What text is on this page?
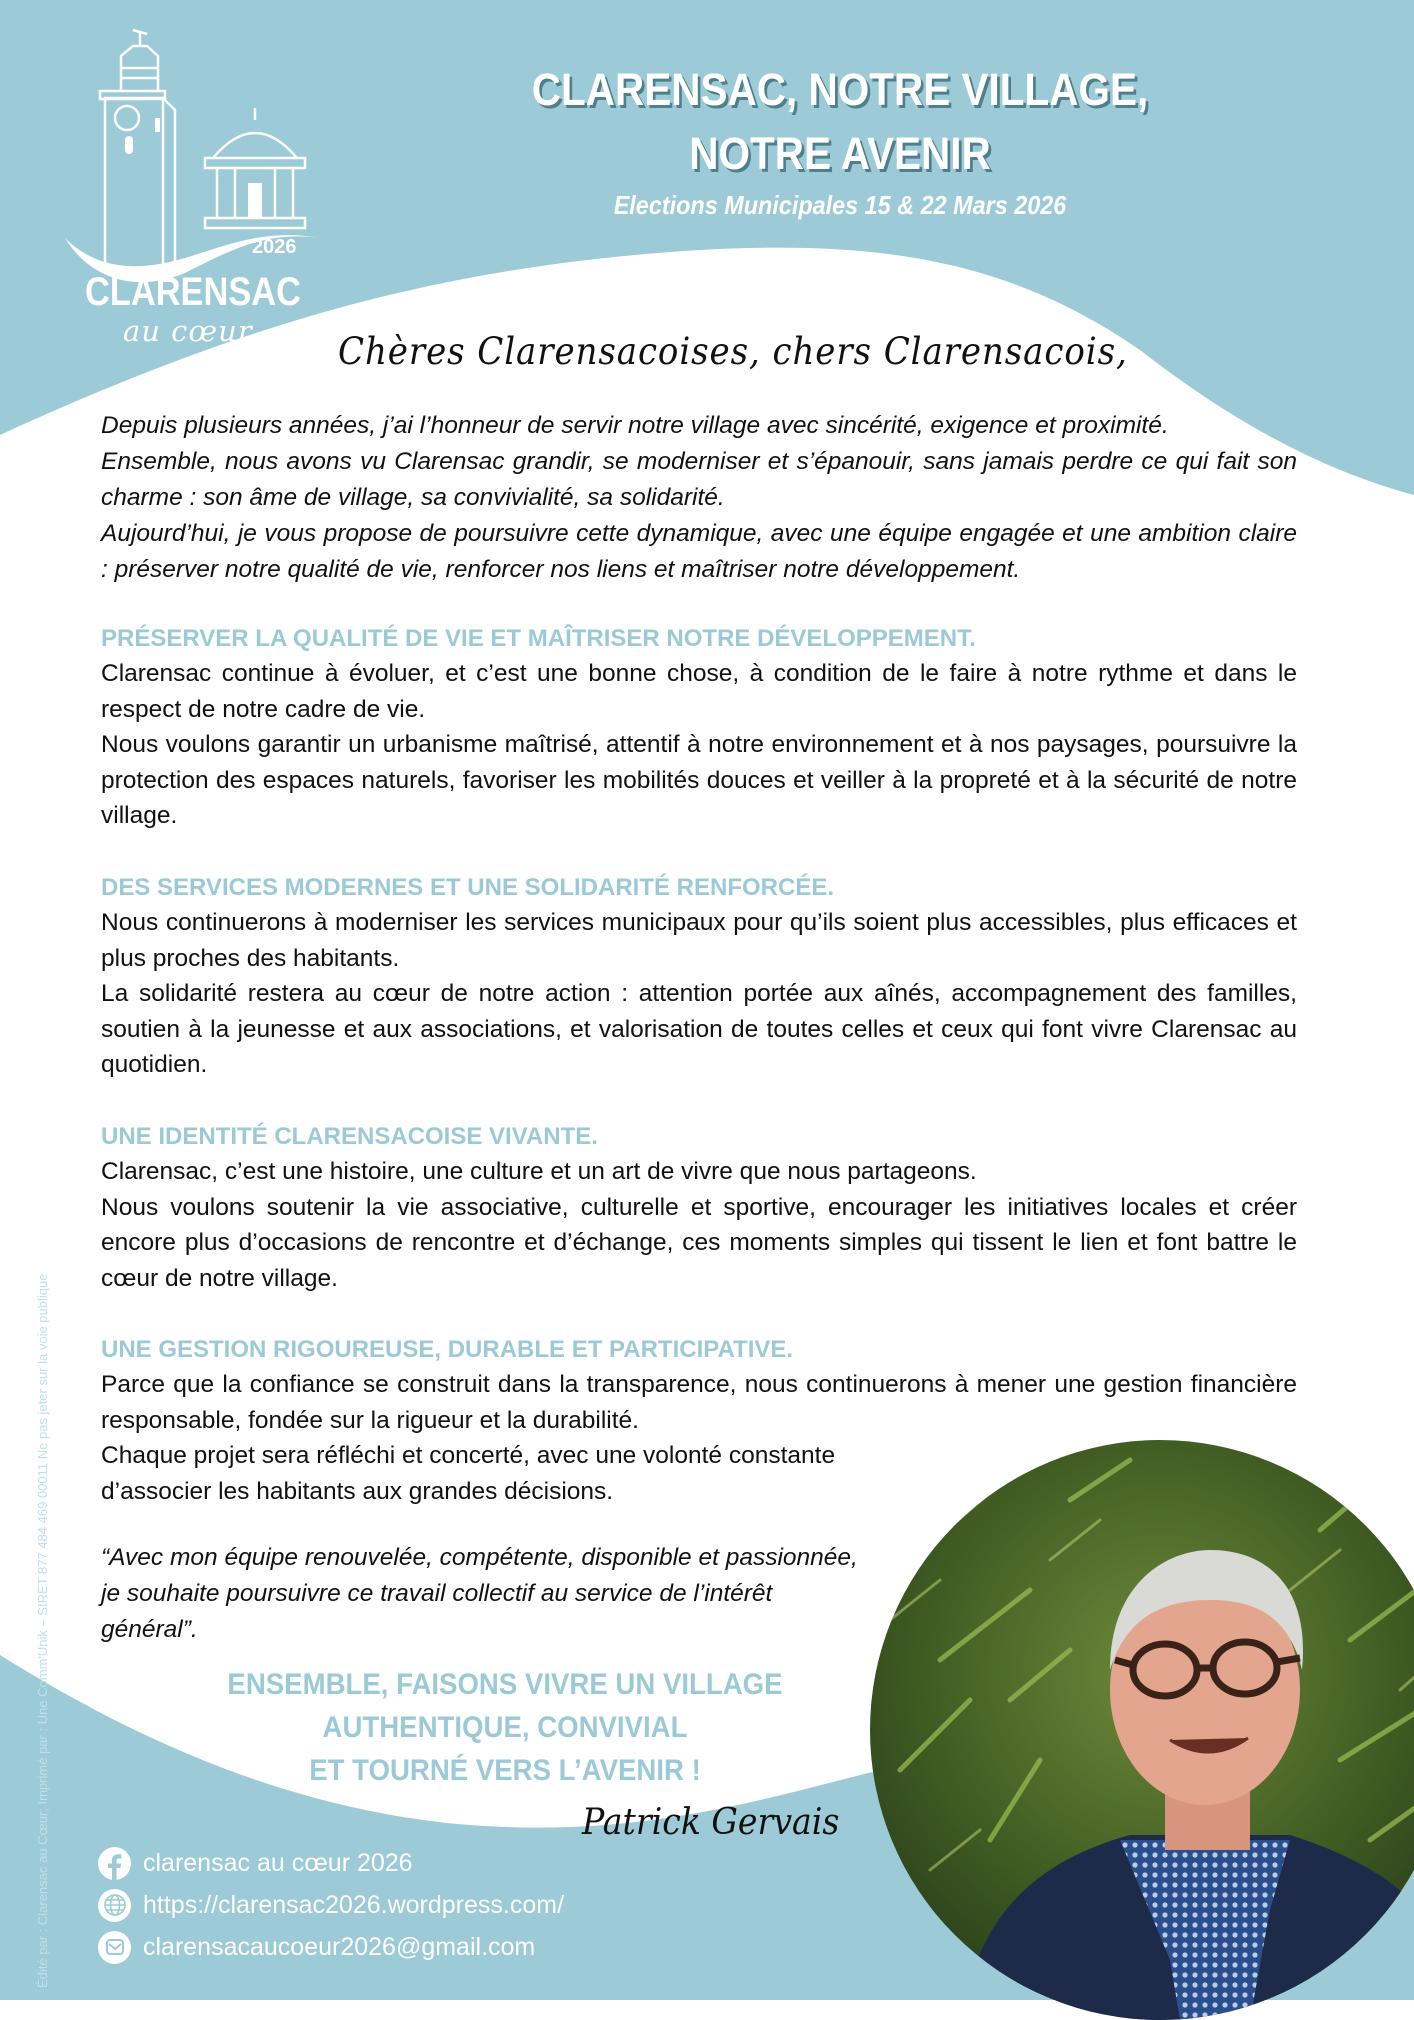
2026
CLARENSAC
au cœur
CLARENSAC, NOTRE VILLAGE,
NOTRE AVENIR
Elections Municipales 15 & 22 Mars 2026
Chères Clarensacoises, chers Clarensacois,

Depuis plusieurs années, j’ai l’honneur de servir notre village avec sincérité, exigence et proximité.

Ensemble, nous avons vu Clarensac grandir, se moderniser et s’épanouir, sans jamais perdre ce qui fait son charme : son âme de village, sa convivialité, sa solidarité.

Aujourd’hui, je vous propose de poursuivre cette dynamique, avec une équipe engagée et une ambition claire : préserver notre qualité de vie, renforcer nos liens et maîtriser notre développement.

PRÉSERVER LA QUALITÉ DE VIE ET MAÎTRISER NOTRE DÉVELOPPEMENT.

Clarensac continue à évoluer, et c’est une bonne chose, à condition de le faire à notre rythme et dans le respect de notre cadre de vie.

Nous voulons garantir un urbanisme maîtrisé, attentif à notre environnement et à nos paysages, poursuivre la protection des espaces naturels, favoriser les mobilités douces et veiller à la propreté et à la sécurité de notre village.

DES SERVICES MODERNES ET UNE SOLIDARITÉ RENFORCÉE.

Nous continuerons à moderniser les services municipaux pour qu’ils soient plus accessibles, plus efficaces et plus proches des habitants.

La solidarité restera au cœur de notre action : attention portée aux aînés, accompagnement des familles, soutien à la jeunesse et aux associations, et valorisation de toutes celles et ceux qui font vivre Clarensac au quotidien.

UNE IDENTITÉ CLARENSACOISE VIVANTE.

Clarensac, c’est une histoire, une culture et un art de vivre que nous partageons.

Nous voulons soutenir la vie associative, culturelle et sportive, encourager les initiatives locales et créer encore plus d’occasions de rencontre et d’échange, ces moments simples qui tissent le lien et font battre le cœur de notre village.

UNE GESTION RIGOUREUSE, DURABLE ET PARTICIPATIVE.

Parce que la confiance se construit dans la transparence, nous continuerons à mener une gestion financière responsable, fondée sur la rigueur et la durabilité.

Chaque projet sera réfléchi et concerté, avec une volonté constante d’associer les habitants aux grandes décisions.

“Avec mon équipe renouvelée, compétente, disponible et passionnée,

je souhaite poursuivre ce travail collectif au service de l’intérêt

général”.

ENSEMBLE, FAISONS VIVRE UN VILLAGE
AUTHENTIQUE, CONVIVIAL
ET TOURNÉ VERS L’AVENIR !
Patrick Gervais
clarensac au cœur 2026
https://clarensac2026.wordpress.com/
clarensacaucoeur2026@gmail.com
Édité par : Clarensac au Cœur; Imprimé par : Une Comm'Unik – SIRET 877 484 469 00011 Ne pas jeter sur la voie publique
